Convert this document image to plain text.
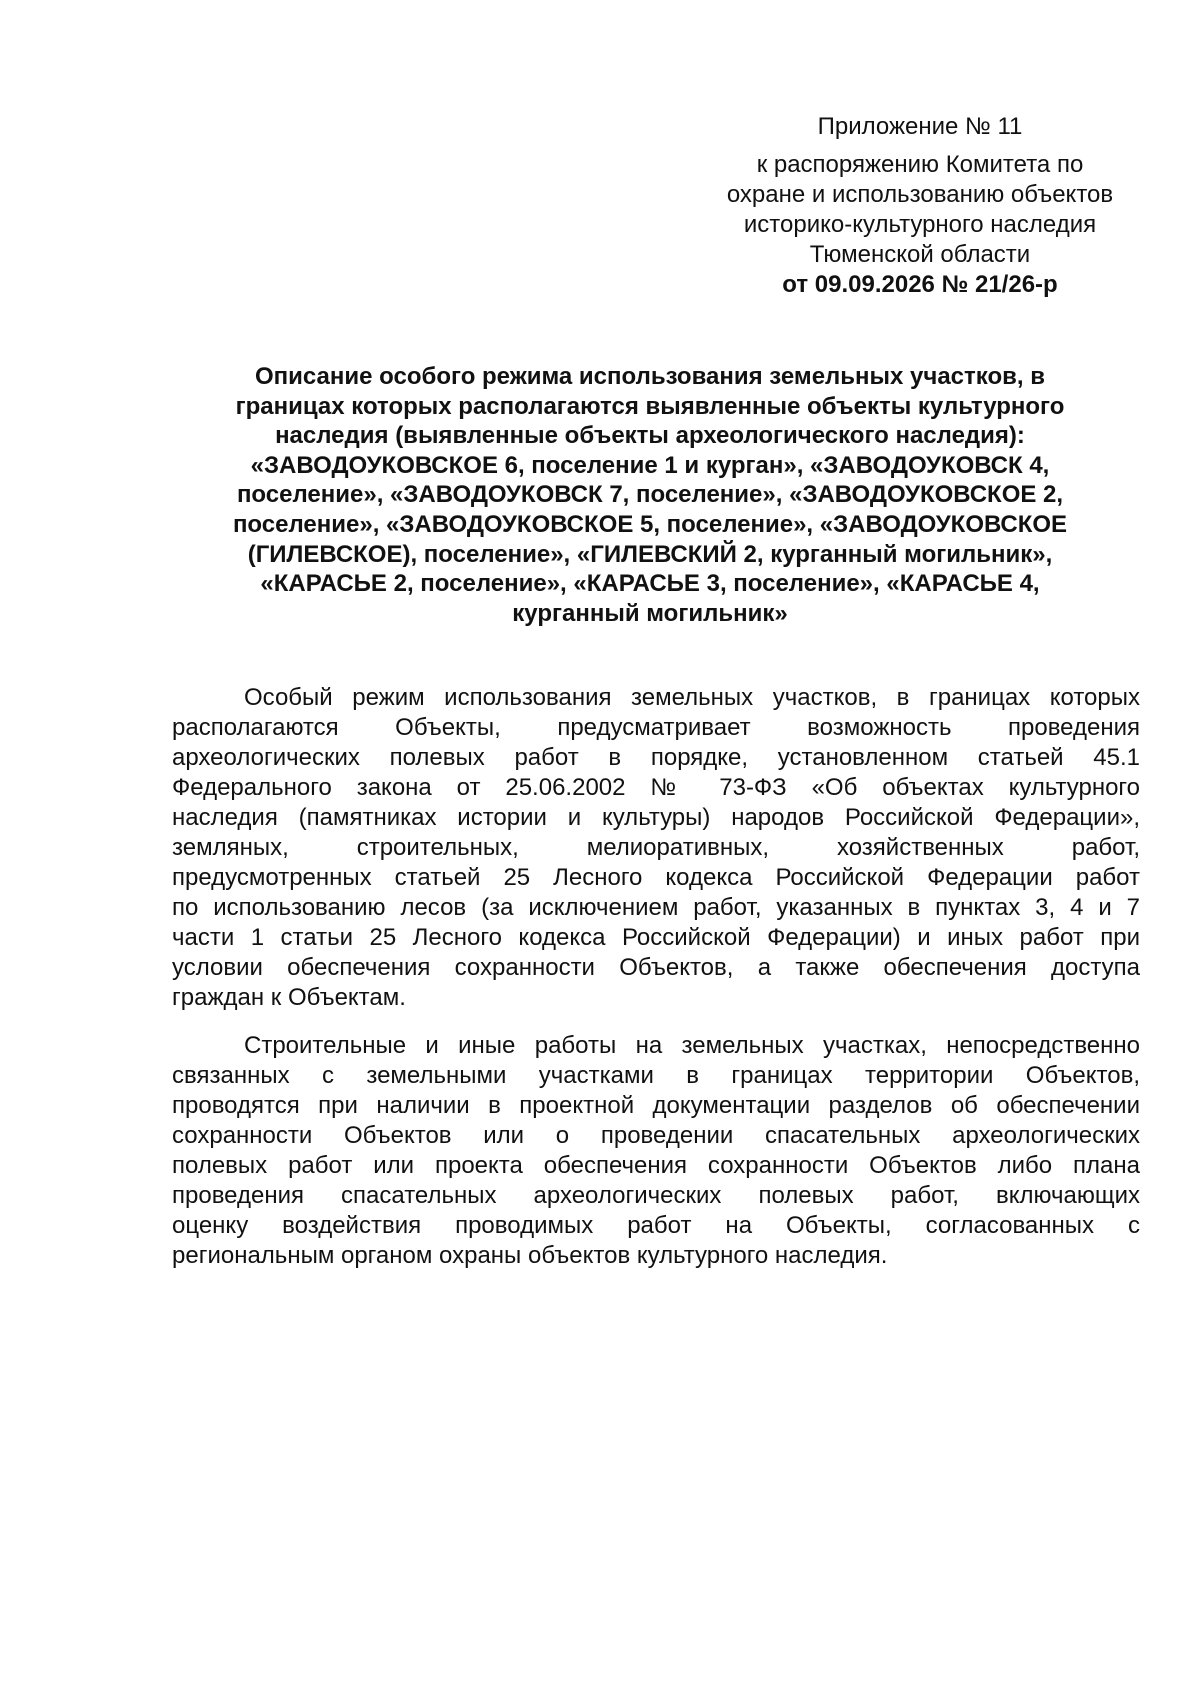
Приложение № 11
к распоряжению Комитета по
охране и использованию объектов
историко-культурного наследия
Тюменской области
от 09.09.2026 № 21/26-р
Описание особого режима использования земельных участков, в
границах которых располагаются выявленные объекты культурного
наследия (выявленные объекты археологического наследия):
«ЗАВОДОУКОВСКОЕ 6, поселение 1 и курган», «ЗАВОДОУКОВСК 4,
поселение», «ЗАВОДОУКОВСК 7, поселение», «ЗАВОДОУКОВСКОЕ 2,
поселение», «ЗАВОДОУКОВСКОЕ 5, поселение», «ЗАВОДОУКОВСКОЕ
(ГИЛЕВСКОЕ), поселение», «ГИЛЕВСКИЙ 2, курганный могильник»,
«КАРАСЬЕ 2, поселение», «КАРАСЬЕ 3, поселение», «КАРАСЬЕ 4,
курганный могильник»
Особый режим использования земельных участков, в границах которых
располагаются Объекты, предусматривает возможность проведения
археологических полевых работ в порядке, установленном статьей 45.1
Федерального закона от 25.06.2002 № 73-ФЗ «Об объектах культурного
наследия (памятниках истории и культуры) народов Российской Федерации»,
земляных, строительных, мелиоративных, хозяйственных работ,
предусмотренных статьей 25 Лесного кодекса Российской Федерации работ
по использованию лесов (за исключением работ, указанных в пунктах 3, 4 и 7
части 1 статьи 25 Лесного кодекса Российской Федерации) и иных работ при
условии обеспечения сохранности Объектов, а также обеспечения доступа
граждан к Объектам.
Строительные и иные работы на земельных участках, непосредственно
связанных с земельными участками в границах территории Объектов,
проводятся при наличии в проектной документации разделов об обеспечении
сохранности Объектов или о проведении спасательных археологических
полевых работ или проекта обеспечения сохранности Объектов либо плана
проведения спасательных археологических полевых работ, включающих
оценку воздействия проводимых работ на Объекты, согласованных с
региональным органом охраны объектов культурного наследия.
